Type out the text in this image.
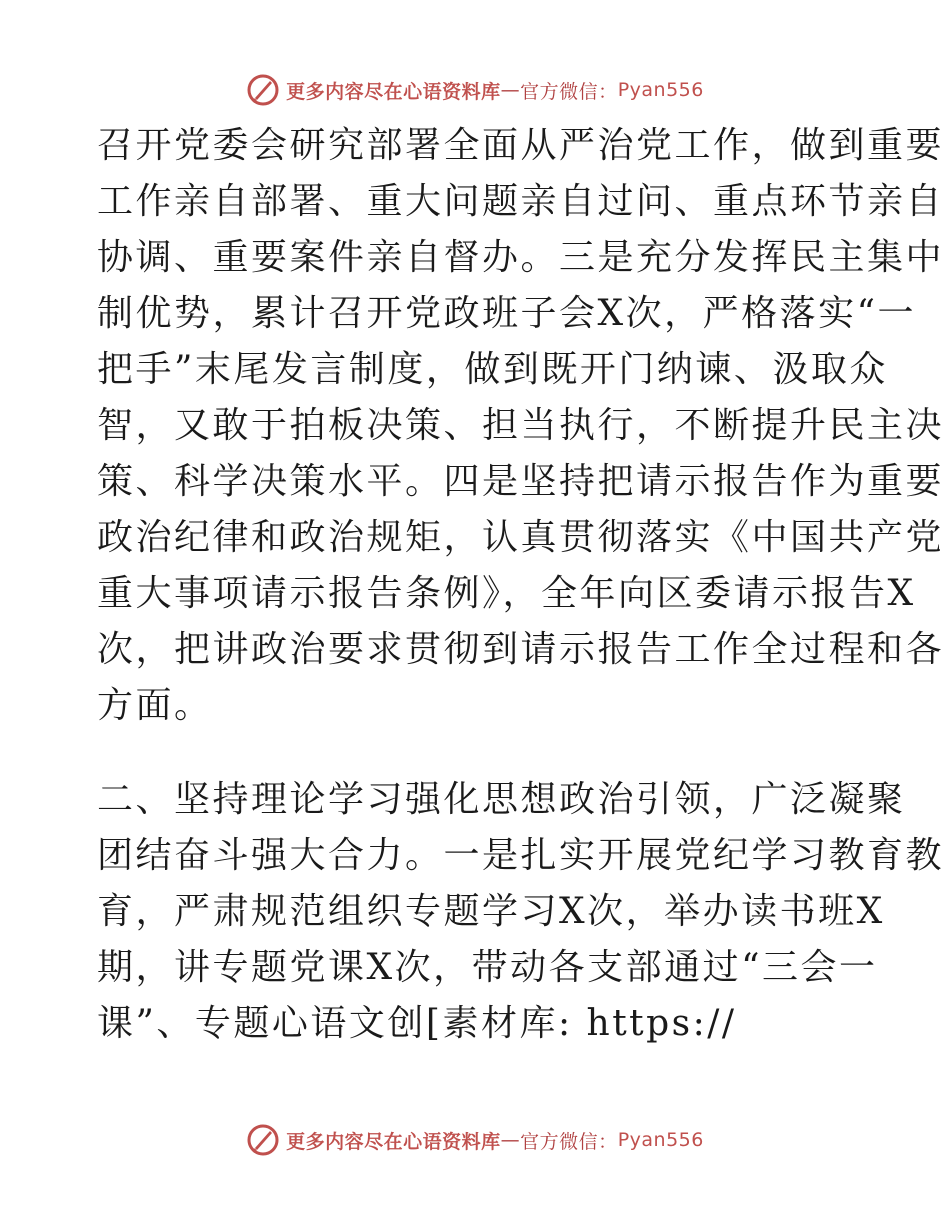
更多内容尽在心语资料库 — 官方微信： Pyan556
召开党委会研究部署全面从严治党工作，做到重要
工作亲自部署、重大问题亲自过问、重点环节亲自
协调、重要案件亲自督办。三是充分发挥民主集中
制优势，累计召开党政班子会X次，严格落实“一
把手”末尾发言制度，做到既开门纳谏、汲取众
智，又敢于拍板决策、担当执行，不断提升民主决
策、科学决策水平。四是坚持把请示报告作为重要
政治纪律和政治规矩，认真贯彻落实《中国共产党
重大事项请示报告条例》，全年向区委请示报告X
次，把讲政治要求贯彻到请示报告工作全过程和各
方面。
二、坚持理论学习强化思想政治引领，广泛凝聚
团结奋斗强大合力。一是扎实开展党纪学习教育教
育，严肃规范组织专题学习X次，举办读书班X
期，讲专题党课X次，带动各支部通过“三会一
课”、专题心语文创[素材库: https://
更多内容尽在心语资料库 — 官方微信： Pyan556
